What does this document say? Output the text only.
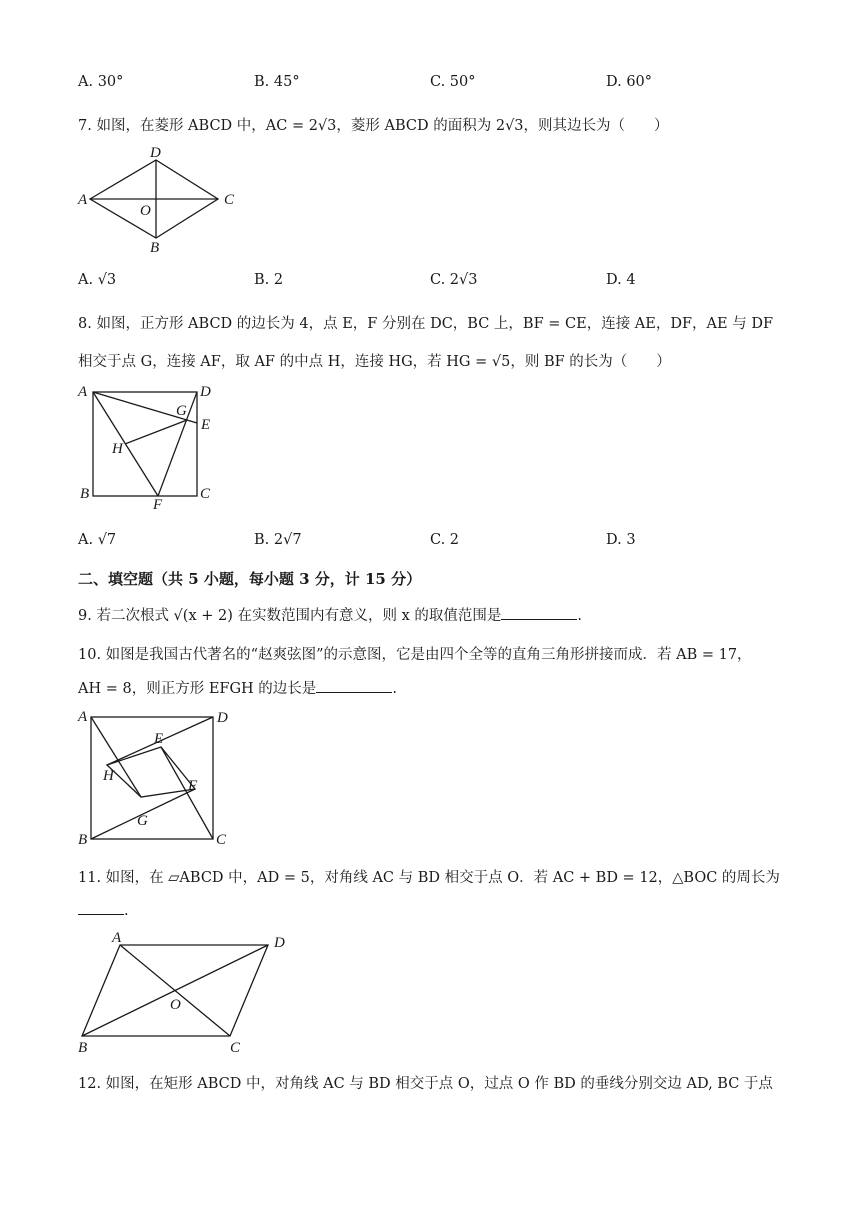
A. 30°	B. 45°	C. 50°	D. 60°
7. 如图，在菱形 ABCD 中，AC = 2√3，菱形 ABCD 的面积为 2√3，则其边长为（　　）
D
A
O
C
B
A. √3	B. 2	C. 2√3	D. 4
8. 如图，正方形 ABCD 的边长为 4，点 E，F 分别在 DC，BC 上，BF = CE，连接 AE，DF，AE 与 DF
相交于点 G，连接 AF，取 AF 的中点 H，连接 HG，若 HG = √5，则 BF 的长为（　　）
A	D
G
E
H
B
F
C
A. √7	B. 2√7	C. 2	D. 3
二、填空题（共 5 小题，每小题 3 分，计 15 分）
9. 若二次根式 √(x + 2) 在实数范围内有意义，则 x 的取值范围是	.
10. 如图是我国古代著名的“赵爽弦图”的示意图，它是由四个全等的直角三角形拼接而成．若 AB = 17，
AH = 8，则正方形 EFGH 的边长是	.
A	D
E
H
F
G
B	C
11. 如图，在 ▱ABCD 中，AD = 5，对角线 AC 与 BD 相交于点 O．若 AC + BD = 12，△BOC 的周长为
.
A	D
O
B	C
12. 如图，在矩形 ABCD 中，对角线 AC 与 BD 相交于点 O，过点 O 作 BD 的垂线分别交边 AD, BC 于点
